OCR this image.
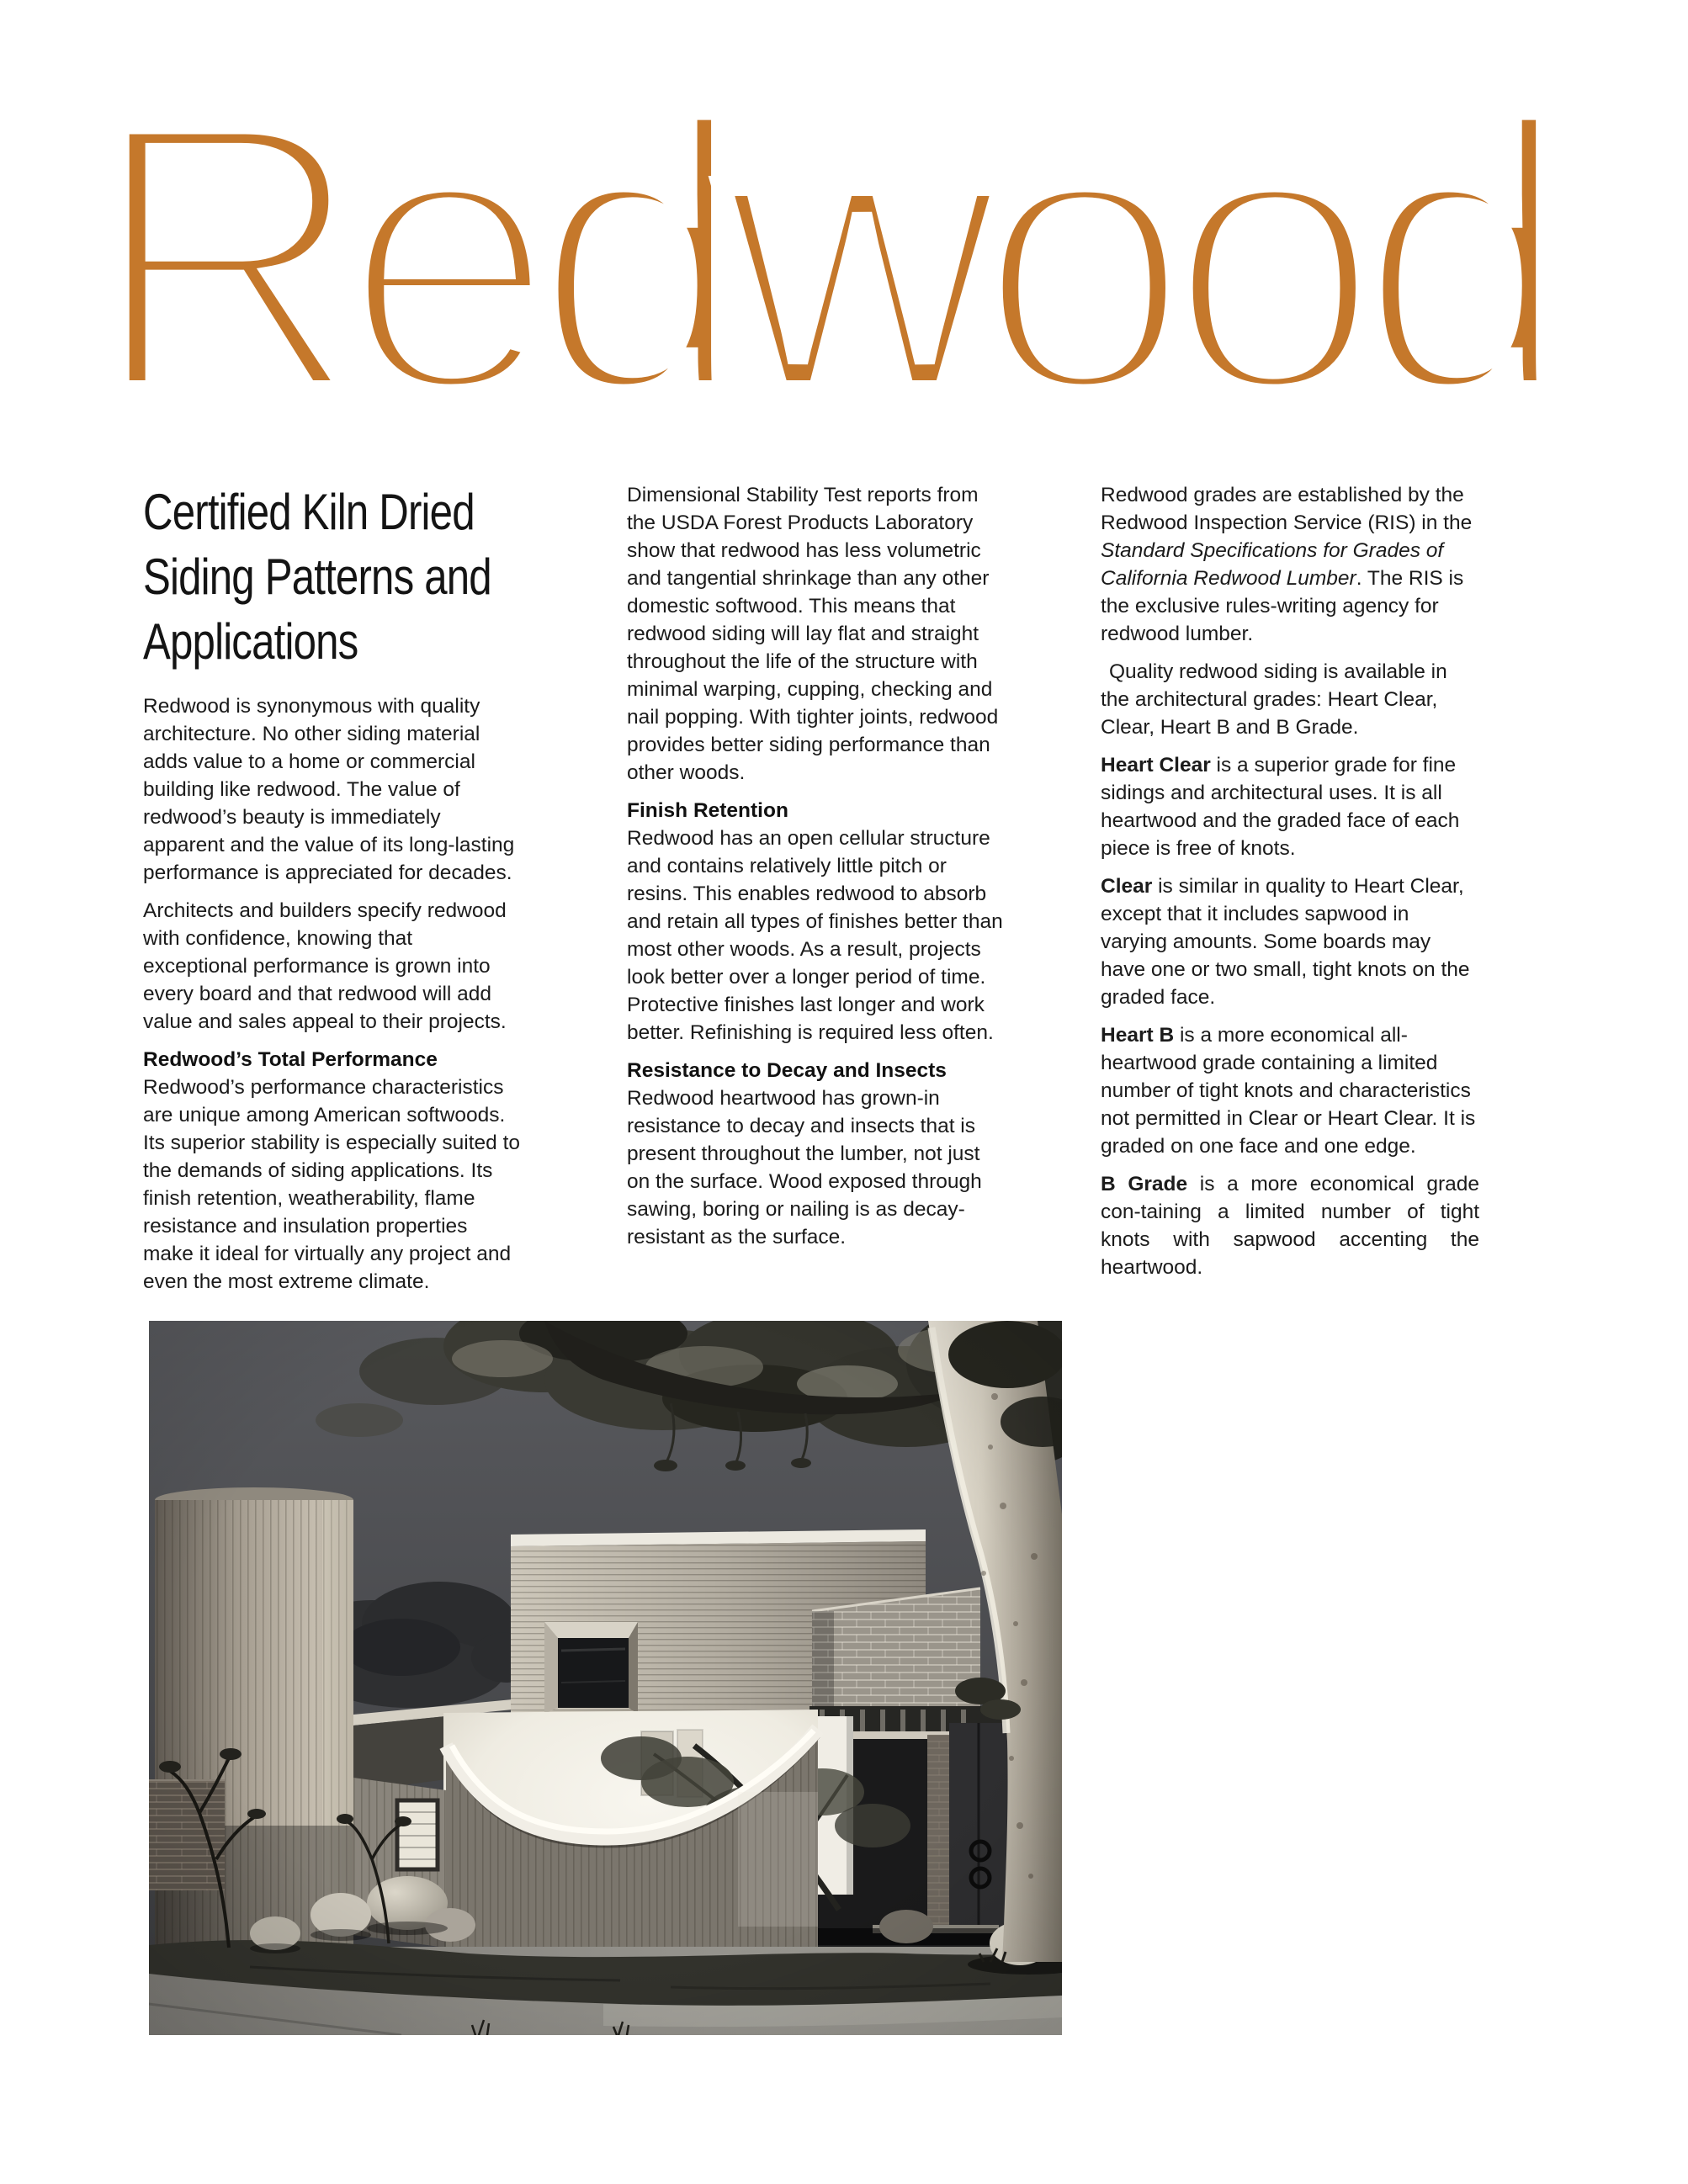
Redwood
Certified Kiln Dried Siding Patterns and Applications

Redwood is synonymous with quality architecture. No other siding material adds value to a home or commercial building like redwood. The value of redwood’s beauty is immediately apparent and the value of its long-lasting performance is appreciated for decades.

Architects and builders specify redwood with confidence, knowing that exceptional performance is grown into every board and that redwood will add value and sales appeal to their projects.

Redwood’s Total Performance

Redwood’s performance characteristics are unique among American softwoods. Its superior stability is especially suited to the demands of siding applications. Its finish retention, weatherability, flame resistance and insulation properties make it ideal for virtually any project and even the most extreme climate.

Dimensional Stability Test reports from the USDA Forest Products Laboratory show that redwood has less volumetric and tangential shrinkage than any other domestic softwood. This means that redwood siding will lay flat and straight throughout the life of the structure with minimal warping, cupping, checking and nail popping. With tighter joints, redwood provides better siding performance than other woods.

Finish Retention

Redwood has an open cellular structure and contains relatively little pitch or resins. This enables redwood to absorb and retain all types of finishes better than most other woods. As a result, projects look better over a longer period of time. Protective finishes last longer and work better. Refinishing is required less often.

Resistance to Decay and Insects

Redwood heartwood has grown-in resistance to decay and insects that is present throughout the lumber, not just on the surface. Wood exposed through sawing, boring or nailing is as decay-resistant as the surface.

Redwood grades are established by the Redwood Inspection Service (RIS) in the Standard Specifications for Grades of California Redwood Lumber. The RIS is the exclusive rules-writing agency for redwood lumber.

Quality redwood siding is available in the architectural grades: Heart Clear, Clear, Heart B and B Grade.

Heart Clear is a superior grade for fine sidings and architectural uses. It is all heartwood and the graded face of each piece is free of knots.

Clear is similar in quality to Heart Clear, except that it includes sapwood in varying amounts. Some boards may have one or two small, tight knots on the graded face.

Heart B is a more economical all-heartwood grade containing a limited number of tight knots and characteristics not permitted in Clear or Heart Clear. It is graded on one face and one edge.

B Grade is a more economical grade con-taining a limited number of tight knots with sapwood accenting the heartwood.
